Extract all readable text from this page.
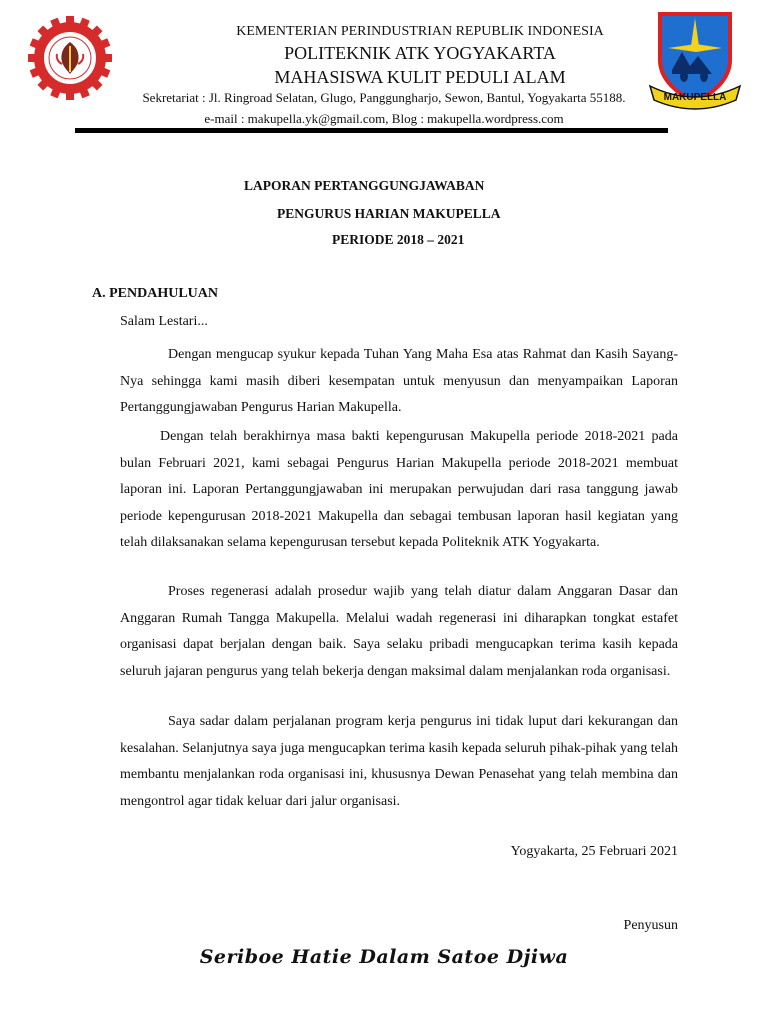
MAKUPELLA
KEMENTERIAN PERINDUSTRIAN REPUBLIK INDONESIA
POLITEKNIK ATK YOGYAKARTA
MAHASISWA KULIT PEDULI ALAM
Sekretariat : Jl. Ringroad Selatan, Glugo, Panggungharjo, Sewon, Bantul, Yogyakarta 55188.
e-mail : makupella.yk@gmail.com, Blog : makupella.wordpress.com
LAPORAN PERTANGGUNGJAWABAN
PENGURUS HARIAN MAKUPELLA
PERIODE 2018 – 2021
A. PENDAHULUAN
Salam Lestari...
Dengan mengucap syukur kepada Tuhan Yang Maha Esa atas Rahmat dan Kasih Sayang-Nya sehingga kami masih diberi kesempatan untuk menyusun dan menyampaikan Laporan Pertanggungjawaban Pengurus Harian Makupella.
Dengan telah berakhirnya masa bakti kepengurusan Makupella periode 2018-2021 pada bulan Februari 2021, kami sebagai Pengurus Harian Makupella periode 2018-2021 membuat laporan ini. Laporan Pertanggungjawaban ini merupakan perwujudan dari rasa tanggung jawab periode kepengurusan 2018-2021 Makupella dan sebagai tembusan laporan hasil kegiatan yang telah dilaksanakan selama kepengurusan tersebut kepada Politeknik ATK Yogyakarta.
Proses regenerasi adalah prosedur wajib yang telah diatur dalam Anggaran Dasar dan Anggaran Rumah Tangga Makupella. Melalui wadah regenerasi ini diharapkan tongkat estafet organisasi dapat berjalan dengan baik. Saya selaku pribadi mengucapkan terima kasih kepada seluruh jajaran pengurus yang telah bekerja dengan maksimal dalam menjalankan roda organisasi.
Saya sadar dalam perjalanan program kerja pengurus ini tidak luput dari kekurangan dan kesalahan. Selanjutnya saya juga mengucapkan terima kasih kepada seluruh pihak-pihak yang telah membantu menjalankan roda organisasi ini, khususnya Dewan Penasehat yang telah membina dan mengontrol agar tidak keluar dari jalur organisasi.
Yogyakarta, 25 Februari 2021
Penyusun
Seriboe Hatie Dalam Satoe Djiwa
